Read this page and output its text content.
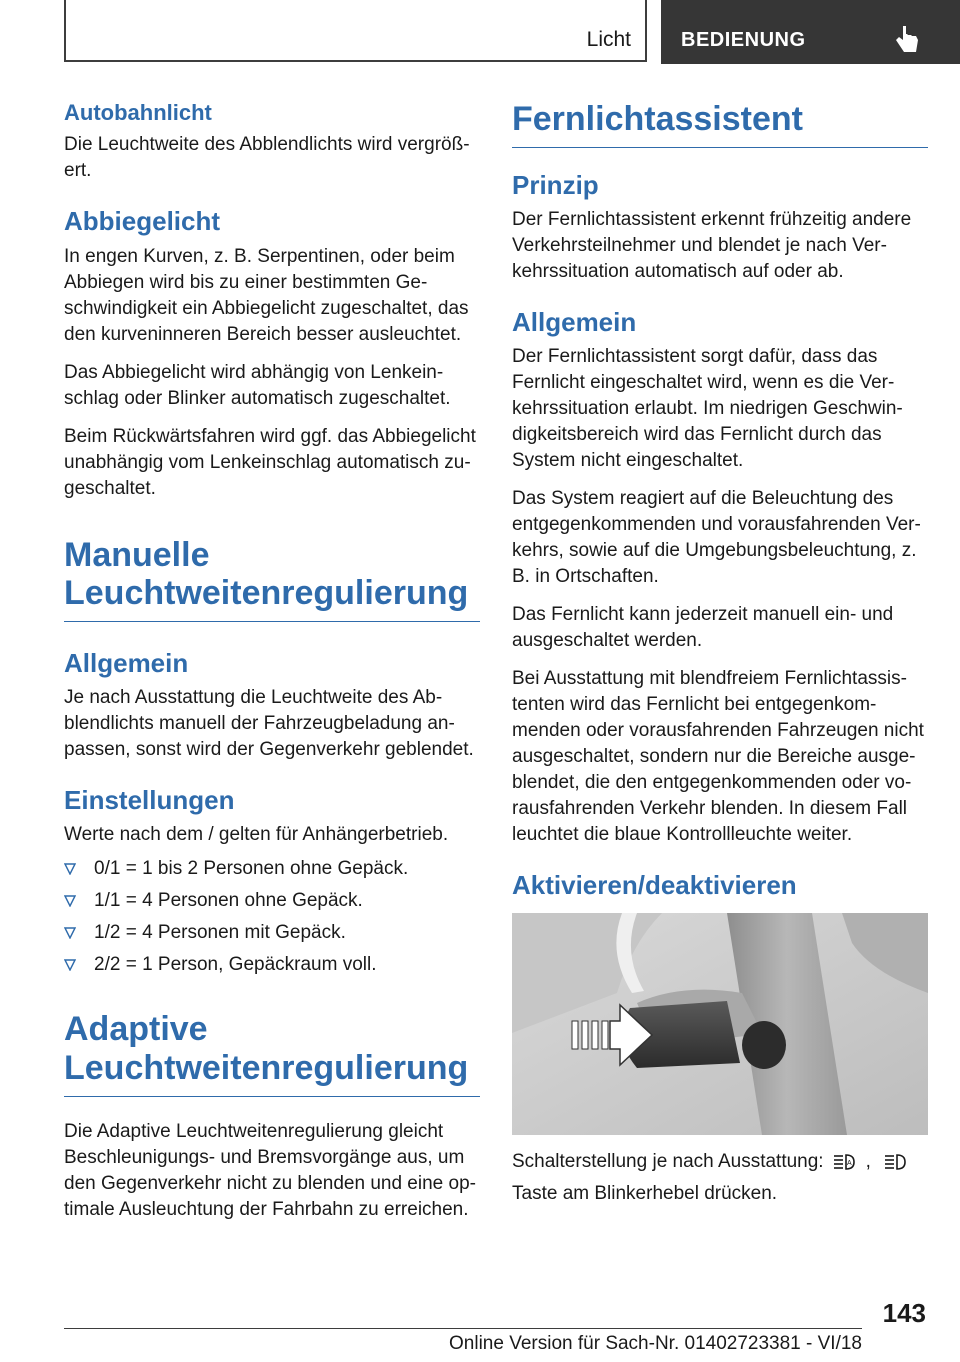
Licht	BEDIENUNG
Autobahnlicht

Die Leuchtweite des Abblendlichts wird vergröß-ert.

Abbiegelicht

In engen Kurven, z. B. Serpentinen, oder beim Abbiegen wird bis zu einer bestimmten Ge-schwindigkeit ein Abbiegelicht zugeschaltet, das den kurveninneren Bereich besser ausleuchtet.

Das Abbiegelicht wird abhängig von Lenkein-schlag oder Blinker automatisch zugeschaltet.

Beim Rückwärtsfahren wird ggf. das Abbiegelicht unabhängig vom Lenkeinschlag automatisch zu-geschaltet.

Manuelle Leuchtweitenregulierung
Allgemein

Je nach Ausstattung die Leuchtweite des Ab-blendlichts manuell der Fahrzeugbeladung an-passen, sonst wird der Gegenverkehr geblendet.

Einstellungen

Werte nach dem / gelten für Anhängerbetrieb.

0/1 = 1 bis 2 Personen ohne Gepäck.
1/1 = 4 Personen ohne Gepäck.
1/2 = 4 Personen mit Gepäck.
2/2 = 1 Person, Gepäckraum voll.
Adaptive Leuchtweitenregulierung

Die Adaptive Leuchtweitenregulierung gleicht Beschleunigungs- und Bremsvorgänge aus, um den Gegenverkehr nicht zu blenden und eine op-timale Ausleuchtung der Fahrbahn zu erreichen.

Fernlichtassistent
Prinzip

Der Fernlichtassistent erkennt frühzeitig andere Verkehrsteilnehmer und blendet je nach Ver-kehrssituation automatisch auf oder ab.

Allgemein

Der Fernlichtassistent sorgt dafür, dass das Fernlicht eingeschaltet wird, wenn es die Ver-kehrssituation erlaubt. Im niedrigen Geschwin-digkeitsbereich wird das Fernlicht durch das System nicht eingeschaltet.

Das System reagiert auf die Beleuchtung des entgegenkommenden und vorausfahrenden Ver-kehrs, sowie auf die Umgebungsbeleuchtung, z. B. in Ortschaften.

Das Fernlicht kann jederzeit manuell ein- und ausgeschaltet werden.

Bei Ausstattung mit blendfreiem Fernlichtassis-tenten wird das Fernlicht bei entgegenkom-menden oder vorausfahrenden Fahrzeugen nicht ausgeschaltet, sondern nur die Bereiche ausge-blendet, die den entgegenkommenden oder vo-rausfahrenden Verkehr blenden. In diesem Fall leuchtet die blaue Kontrollleuchte weiter.

Aktivieren/deaktivieren
Schalterstellung je nach Ausstattung:	A ,

Taste am Blinkerhebel drücken.

143
Online Version für Sach-Nr. 01402723381 - VI/18
